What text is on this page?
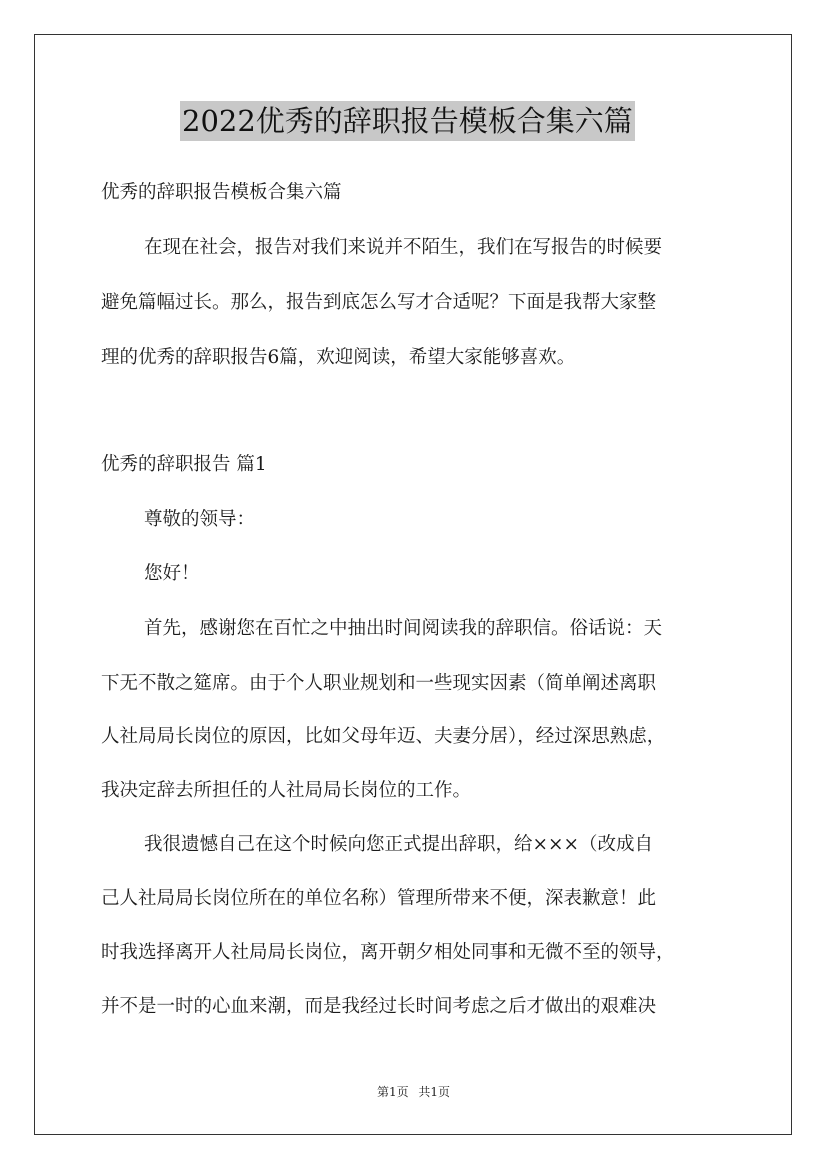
2022优秀的辞职报告模板合集六篇
优秀的辞职报告模板合集六篇
在现在社会，报告对我们来说并不陌生，我们在写报告的时候要
避免篇幅过长。那么，报告到底怎么写才合适呢？下面是我帮大家整
理的优秀的辞职报告6篇，欢迎阅读，希望大家能够喜欢。
优秀的辞职报告 篇1
尊敬的领导：
您好！
首先，感谢您在百忙之中抽出时间阅读我的辞职信。俗话说：天
下无不散之筵席。由于个人职业规划和一些现实因素（简单阐述离职
人社局局长岗位的原因，比如父母年迈、夫妻分居），经过深思熟虑，
我决定辞去所担任的人社局局长岗位的工作。
我很遗憾自己在这个时候向您正式提出辞职，给×××（改成自
己人社局局长岗位所在的单位名称）管理所带来不便，深表歉意！此
时我选择离开人社局局长岗位，离开朝夕相处同事和无微不至的领导，
并不是一时的心血来潮，而是我经过长时间考虑之后才做出的艰难决
第1页 共1页
